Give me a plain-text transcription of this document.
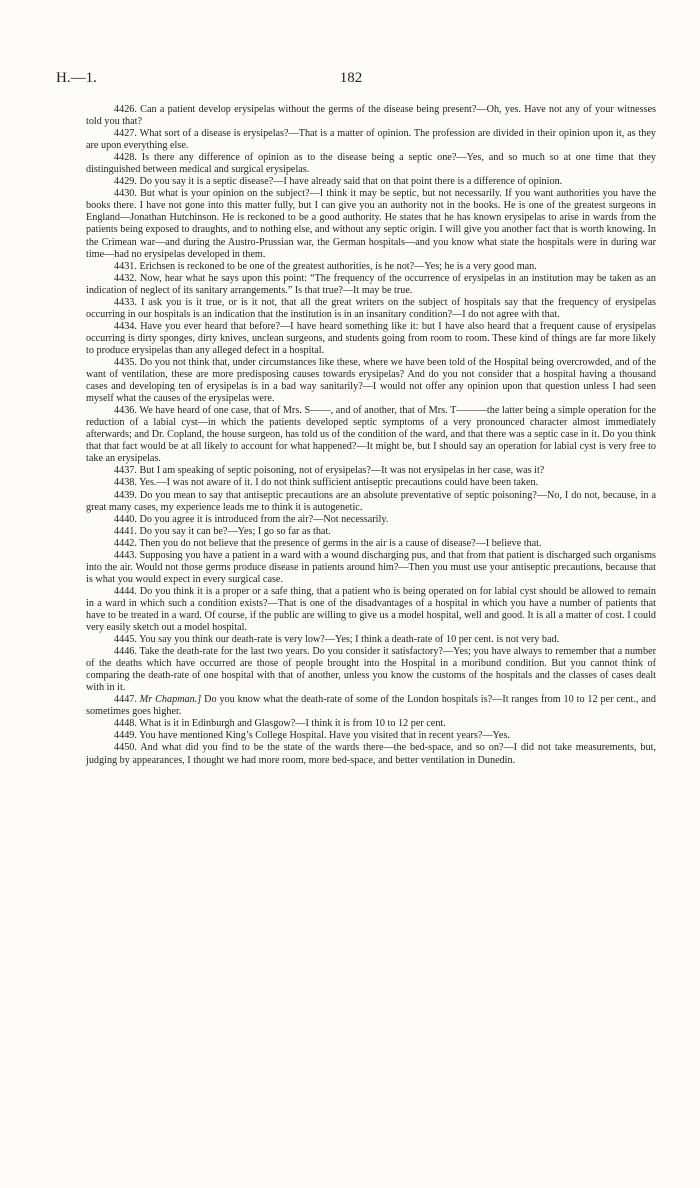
H.—1.	182

4426. Can a patient develop erysipelas without the germs of the disease being present?—Oh, yes. Have not any of your witnesses told you that?

4427. What sort of a disease is erysipelas?—That is a matter of opinion. The profession are divided in their opinion upon it, as they are upon everything else.

4428. Is there any difference of opinion as to the disease being a septic one?—Yes, and so much so at one time that they distinguished between medical and surgical erysipelas.

4429. Do you say it is a septic disease?—I have already said that on that point there is a difference of opinion.

4430. But what is your opinion on the subject?—I think it may be septic, but not necessarily. If you want authorities you have the books there. I have not gone into this matter fully, but I can give you an authority not in the books. He is one of the greatest surgeons in England—Jonathan Hutchinson. He is reckoned to be a good authority. He states that he has known erysipelas to arise in wards from the patients being exposed to draughts, and to nothing else, and without any septic origin. I will give you another fact that is worth knowing. In the Crimean war—and during the Austro-Prussian war, the German hospitals—and you know what state the hospitals were in during war time—had no erysipelas developed in them.

4431. Erichsen is reckoned to be one of the greatest authorities, is he not?—Yes; he is a very good man.

4432. Now, hear what he says upon this point: “The frequency of the occurrence of erysipelas in an institution may be taken as an indication of neglect of its sanitary arrangements.” Is that true?—It may be true.

4433. I ask you is it true, or is it not, that all the great writers on the subject of hospitals say that the frequency of erysipelas occurring in our hospitals is an indication that the institution is in an insanitary condition?—I do not agree with that.

4434. Have you ever heard that before?—I have heard something like it: but I have also heard that a frequent cause of erysipelas occurring is dirty sponges, dirty knives, unclean surgeons, and students going from room to room. These kind of things are far more likely to produce erysipelas than any alleged defect in a hospital.

4435. Do you not think that, under circumstances like these, where we have been told of the Hospital being overcrowded, and of the want of ventilation, these are more predisposing causes towards erysipelas? And do you not consider that a hospital having a thousand cases and developing ten of erysipelas is in a bad way sanitarily?—I would not offer any opinion upon that question unless I had seen myself what the causes of the erysipelas were.

4436. We have heard of one case, that of Mrs. S——, and of another, that of Mrs. T———the latter being a simple operation for the reduction of a labial cyst—in which the patients developed septic symptoms of a very pronounced character almost immediately afterwards; and Dr. Copland, the house surgeon, has told us of the condition of the ward, and that there was a septic case in it. Do you think that that fact would be at all likely to account for what happened?—It might be, but I should say an operation for labial cyst is very free to take an erysipelas.

4437. But I am speaking of septic poisoning, not of erysipelas?—It was not erysipelas in her case, was it?

4438. Yes.—I was not aware of it. I do not think sufficient antiseptic precautions could have been taken.

4439. Do you mean to say that antiseptic precautions are an absolute preventative of septic poisoning?—No, I do not, because, in a great many cases, my experience leads me to think it is autogenetic.

4440. Do you agree it is introduced from the air?—Not necessarily.

4441. Do you say it can be?—Yes; I go so far as that.

4442. Then you do not believe that the presence of germs in the air is a cause of disease?—I believe that.

4443. Supposing you have a patient in a ward with a wound discharging pus, and that from that patient is discharged such organisms into the air. Would not those germs produce disease in patients around him?—Then you must use your antiseptic precautions, because that is what you would expect in every surgical case.

4444. Do you think it is a proper or a safe thing, that a patient who is being operated on for labial cyst should be allowed to remain in a ward in which such a condition exists?—That is one of the disadvantages of a hospital in which you have a number of patients that have to be treated in a ward. Of course, if the public are willing to give us a model hospital, well and good. It is all a matter of cost. I could very easily sketch out a model hospital.

4445. You say you think our death-rate is very low?—Yes; I think a death-rate of 10 per cent. is not very bad.

4446. Take the death-rate for the last two years. Do you consider it satisfactory?—Yes; you have always to remember that a number of the deaths which have occurred are those of people brought into the Hospital in a moribund condition. But you cannot think of comparing the death-rate of one hospital with that of another, unless you know the customs of the hospitals and the classes of cases dealt with in it.

4447. Mr Chapman.] Do you know what the death-rate of some of the London hospitals is?—It ranges from 10 to 12 per cent., and sometimes goes higher.

4448. What is it in Edinburgh and Glasgow?—I think it is from 10 to 12 per cent.

4449. You have mentioned King’s College Hospital. Have you visited that in recent years?—Yes.

4450. And what did you find to be the state of the wards there—the bed-space, and so on?—I did not take measurements, but, judging by appearances, I thought we had more room, more bed-space, and better ventilation in Dunedin.
